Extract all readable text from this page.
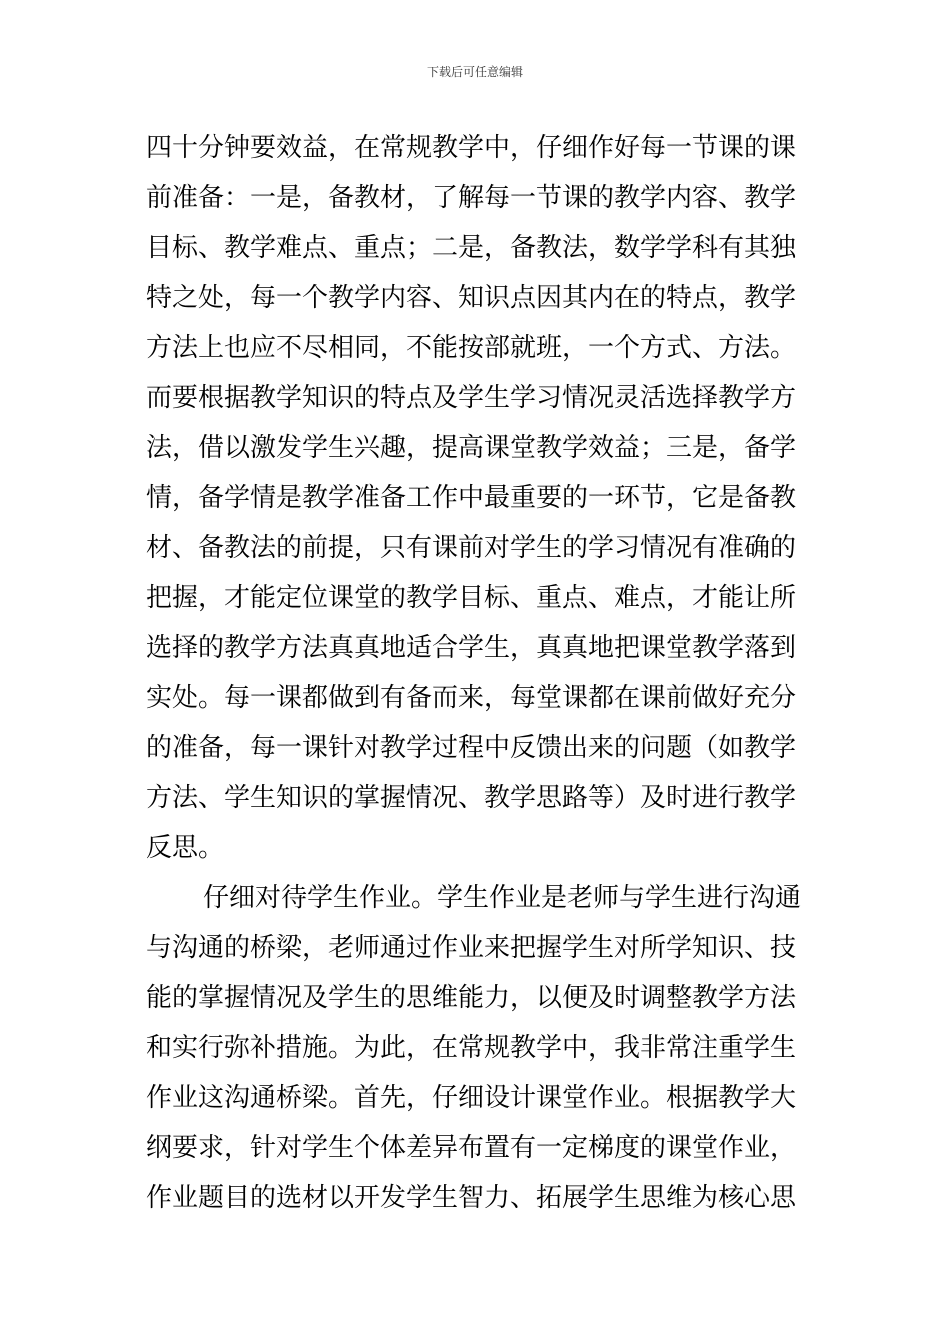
下载后可任意编辑
四十分钟要效益，在常规教学中，仔细作好每一节课的课
前准备：一是，备教材，了解每一节课的教学内容、教学
目标、教学难点、重点；二是，备教法，数学学科有其独
特之处，每一个教学内容、知识点因其内在的特点，教学
方法上也应不尽相同，不能按部就班，一个方式、方法。
而要根据教学知识的特点及学生学习情况灵活选择教学方
法，借以激发学生兴趣，提高课堂教学效益；三是，备学
情，备学情是教学准备工作中最重要的一环节，它是备教
材、备教法的前提，只有课前对学生的学习情况有准确的
把握，才能定位课堂的教学目标、重点、难点，才能让所
选择的教学方法真真地适合学生，真真地把课堂教学落到
实处。每一课都做到有备而来，每堂课都在课前做好充分
的准备，每一课针对教学过程中反馈出来的问题（如教学
方法、学生知识的掌握情况、教学思路等）及时进行教学
反思。
仔细对待学生作业。学生作业是老师与学生进行沟通
与沟通的桥梁，老师通过作业来把握学生对所学知识、技
能的掌握情况及学生的思维能力，以便及时调整教学方法
和实行弥补措施。为此，在常规教学中，我非常注重学生
作业这沟通桥梁。首先，仔细设计课堂作业。根据教学大
纲要求，针对学生个体差异布置有一定梯度的课堂作业，
作业题目的选材以开发学生智力、拓展学生思维为核心思
